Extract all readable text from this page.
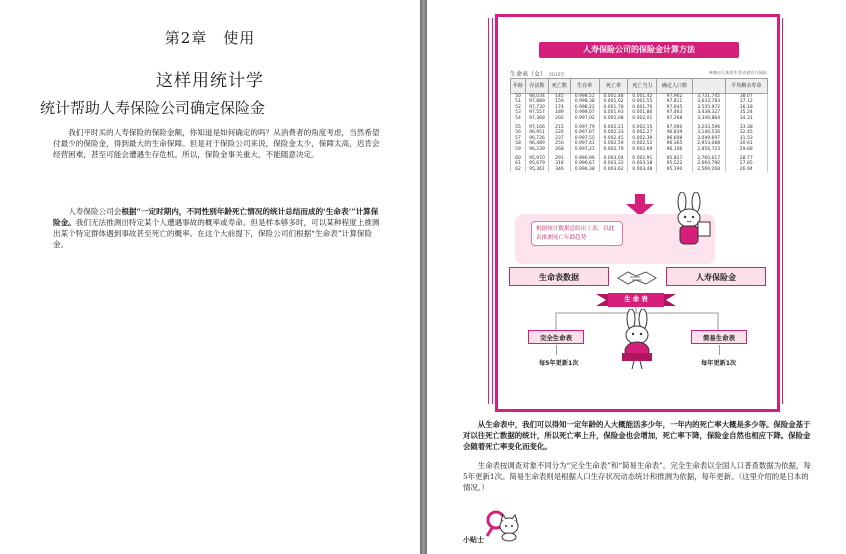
第2章　使用
这样用统计学
统计帮助人寿保险公司确定保险金
我们平时买的人寿保险的保险金额，你知道是如何确定的吗？从消费者的角度考虑，当然希望付最少的保险金，得到最大的生命保障。但是对于保险公司来说，保险金太少，保障太高，迟肯会经营困难，甚至可能会遭遇生存危机。所以，保险金事关重大，不能随意决定。
人寿保险公司会根据“一定时期内，不同性别年龄死亡情况的统计总结而成的‘生命表’”计算保险金。我们无法推测出特定某个人遭遇事故的概率或寿命。但是样本够多时，可以某种程度上推测出某个特定群体遇到事故甚至死亡的概率。在这个大前提下，保险公司们根据“生命表”计算保险金。
人寿保险公司的保险金计算方法
生命表（女） 2015年
※摘自日本厚生劳动省官方网站
年龄	存活数	死亡数	生存率	死亡率	死亡当力	确定人口数		平均剩余寿命
50	98,034	145	0.998,52	0.001,48	0.001,42	97,962	3,731,745	38.07
51	97,889	159	0.998,38	0.001,62	0.001,55	97,811	3,633,783	37.12
52	97,730	174	0.998,22	0.001,78	0.001,70	97,645	3,535,972	36.18
53	97,557	189	0.998,07	0.001,93	0.001,86	97,463	3,438,327	35.24
54	97,368	202	0.997,92	0.002,08	0.002,01	97,268	3,340,864	34.31

55	97,166	215	0.997,79	0.002,21	0.002,15	97,060	3,243,596	33.38
56	96,951	226	0.997,67	0.002,33	0.002,27	96,839	3,146,536	32.45
57	96,726	237	0.997,55	0.002,45	0.002,39	96,608	3,049,697	31.53
58	96,489	250	0.997,41	0.002,59	0.002,52	96,365	2,953,088	30.61
59	96,239	268	0.997,21	0.002,79	0.002,69	96,106	2,856,723	29.68

60	95,970	291	0.996,96	0.003,04	0.002,91	95,827	2,760,617	28.77
61	95,679	318	0.996,67	0.003,33	0.003,18	95,522	2,664,790	27.85
62	95,361	346	0.996,38	0.003,62	0.003,48	95,190	2,569,268	26.94
根据统计数据总结出上表，以此表推测死亡年龄趋势
生命表数据	人寿保险金
生 命 表
完全生命表	简易生命表
每5年更新1次	每年更新1次
从生命表中，我们可以得知一定年龄的人大概能活多少年，一年内的死亡率大概是多少等。保险金基于对以往死亡数据的统计，所以死亡率上升，保险金也会增加，死亡率下降，保险金自然也相应下降。保险金会随着死亡率变化而变化。
生命表按调查对象不同分为“完全生命表”和“简易生命表”。完全生命表以全国人口普查数据为依据，每5年更新1次。简易生命表则是根据人口生存状况动态统计和推测为依据，每年更新。（这里介绍的是日本的情况。）
小贴士
